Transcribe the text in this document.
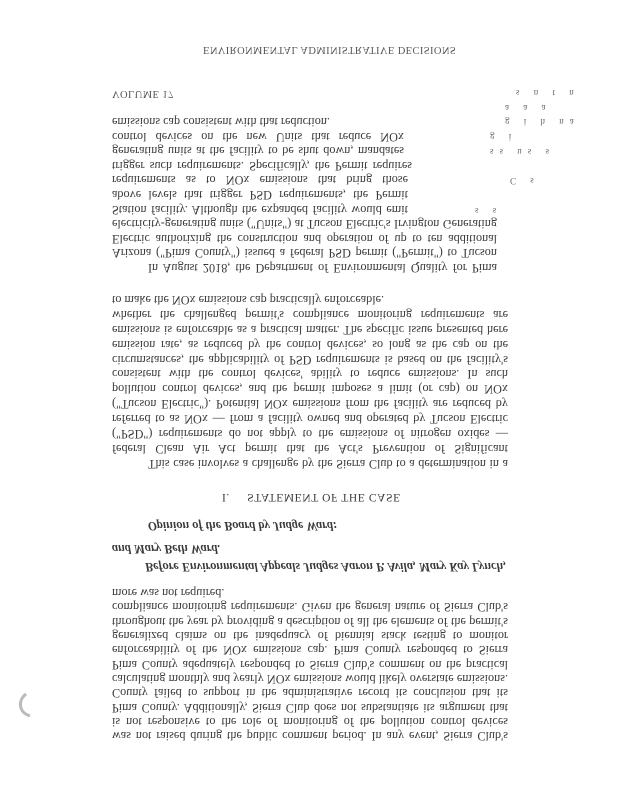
ENVIRONMENTAL ADMINISTRATIVE DECISIONS
VOLUME 17
Before Environmental Appeals Judges Aaron P. Avila, Mary Kay Lynch,
and Mary Beth Ward.
Opinion of the Board by Judge Ward:
I.     STATEMENT OF THE CASE
was not raised during the public comment period. In any event, Sierra Club's
is not responsive to the role of monitoring of the pollution control devices
Pima County. Additionally, Sierra Club does not substantiate its argument that
County failed to support in the administrative record its conclusion that its
calculating monthly and yearly NOx emissions would likely overstate emissions.
Pima County adequately responded to Sierra Club's comment on the practical
enforceability of the NOx emissions cap. Pima County responded to Sierra
generalized claims on the inadequacy of biennial stack testing to monitor
throughout the year by providing a description of all the elements of the permit's
compliance monitoring requirements. Given the general nature of Sierra Club's
more was not required.
This case involves a challenge by the Sierra Club to a determination in a
federal Clean Air Act permit that the Act's Prevention of Significant
("PSD") requirements do not apply to the emissions of nitrogen oxides —
referred to as NOx — from a facility owned and operated by Tucson Electric
("Tucson Electric"). Potential NOx emissions from the facility are reduced by
pollution control devices, and the permit imposes a limit (or cap) on NOx
consistent with the control devices' ability to reduce emissions. In such
circumstances, the applicability of PSD requirements is based on the facility's
emission rate, as reduced by the control devices, so long as the cap on the
emissions is enforceable as a practical matter. The specific issue presented here
whether the challenged permit's compliance monitoring requirements are
to make the NOx emissions cap practically enforceable.
In August 2018, the Department of Environmental Quality for Pima
Arizona ("Pima County") issued a federal PSD permit ("Permit") to Tucson
Electric authorizing the construction and operation of up to ten additional
electricity-generating units ("Units") at Tucson Electric's Irvington Generating
Station facility. Although the expanded facility would emit
above levels that trigger PSD requirements, the Permit
requirements as to NOx emissions that bring those
trigger such requirements. Specifically, the Permit requires
generating units at the facility to be shut down, mandates
control devices on the new Units that reduce NOx
emissions cap consistent with that reduction.
s n t n
a a a
g i h na
g i
ss us s
C s
s s
